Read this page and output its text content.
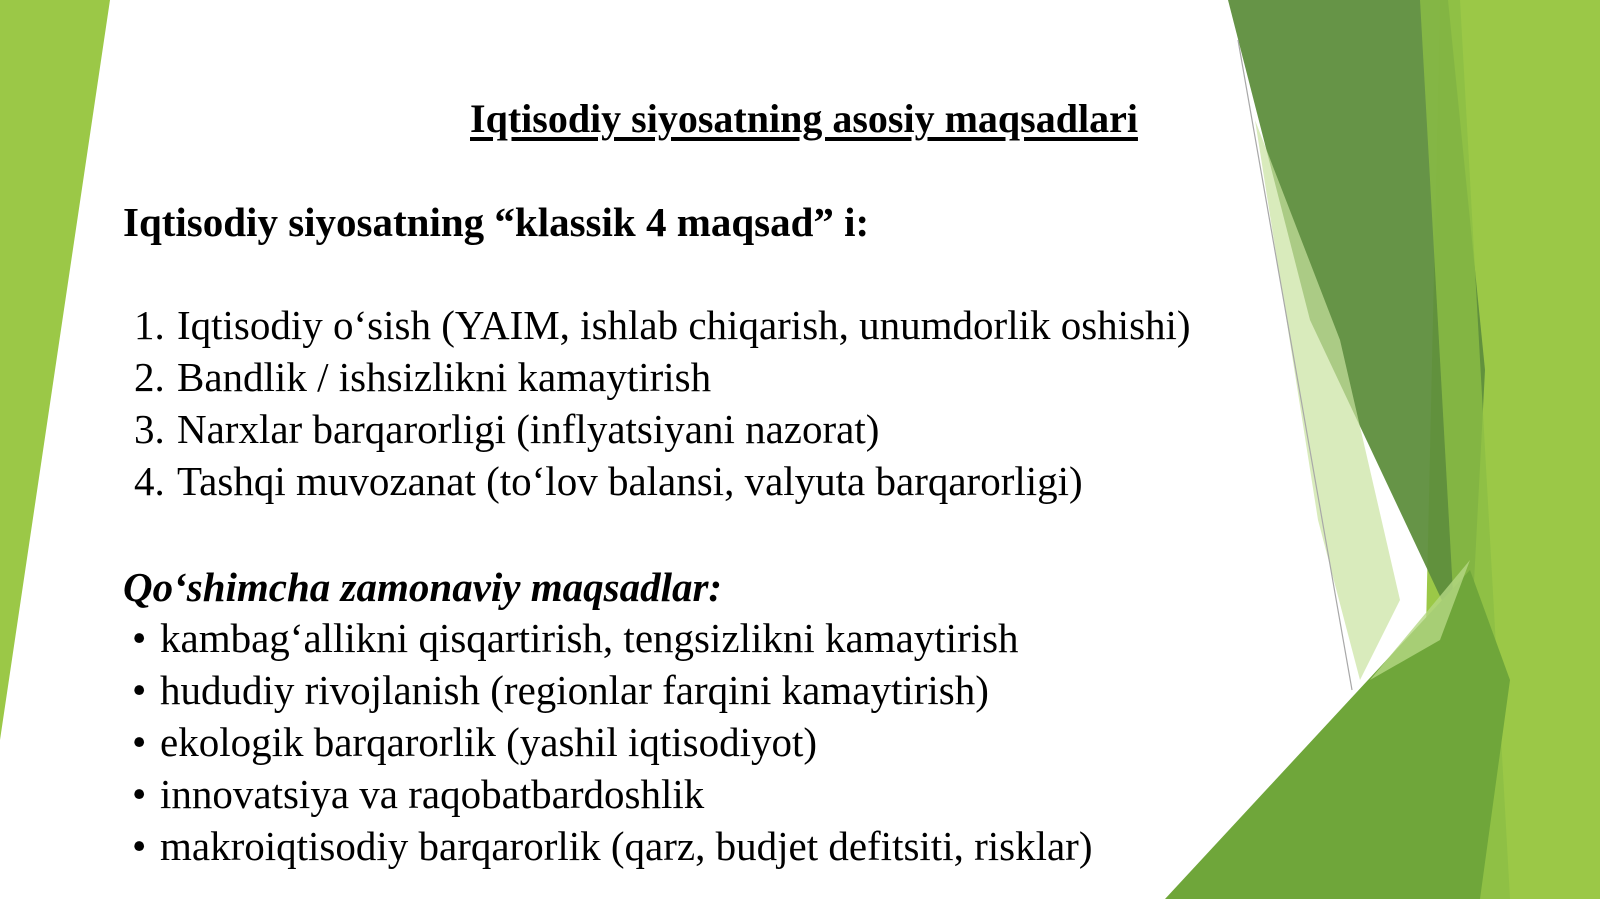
Iqtisodiy siyosatning asosiy maqsadlari
Iqtisodiy siyosatning “klassik 4 maqsad” i:
1. Iqtisodiy o‘sish (YAIM, ishlab chiqarish, unumdorlik oshishi)
2. Bandlik / ishsizlikni kamaytirish
3. Narxlar barqarorligi (inflyatsiyani nazorat)
4. Tashqi muvozanat (to‘lov balansi, valyuta barqarorligi)
Qo‘shimcha zamonaviy maqsadlar:
• kambag‘allikni qisqartirish, tengsizlikni kamaytirish
• hududiy rivojlanish (regionlar farqini kamaytirish)
• ekologik barqarorlik (yashil iqtisodiyot)
• innovatsiya va raqobatbardoshlik
• makroiqtisodiy barqarorlik (qarz, budjet defitsiti, risklar)
